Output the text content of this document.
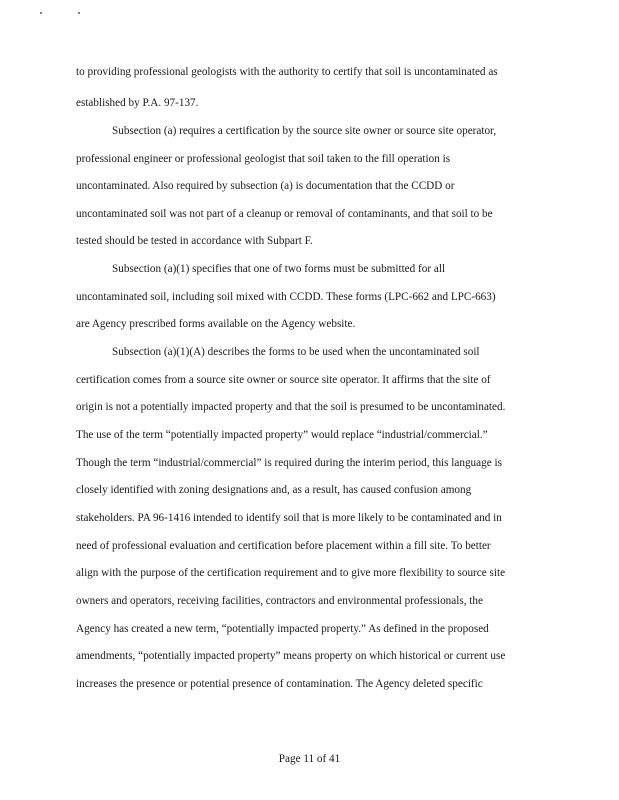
to providing professional geologists with the authority to certify that soil is uncontaminated as
established by P.A. 97-137.
Subsection (a) requires a certification by the source site owner or source site operator,
professional engineer or professional geologist that soil taken to the fill operation is
uncontaminated. Also required by subsection (a) is documentation that the CCDD or
uncontaminated soil was not part of a cleanup or removal of contaminants, and that soil to be
tested should be tested in accordance with Subpart F.
Subsection (a)(1) specifies that one of two forms must be submitted for all
uncontaminated soil, including soil mixed with CCDD. These forms (LPC-662 and LPC-663)
are Agency prescribed forms available on the Agency website.
Subsection (a)(1)(A) describes the forms to be used when the uncontaminated soil
certification comes from a source site owner or source site operator. It affirms that the site of
origin is not a potentially impacted property and that the soil is presumed to be uncontaminated.
The use of the term “potentially impacted property” would replace “industrial/commercial.”
Though the term “industrial/commercial” is required during the interim period, this language is
closely identified with zoning designations and, as a result, has caused confusion among
stakeholders. PA 96-1416 intended to identify soil that is more likely to be contaminated and in
need of professional evaluation and certification before placement within a fill site. To better
align with the purpose of the certification requirement and to give more flexibility to source site
owners and operators, receiving facilities, contractors and environmental professionals, the
Agency has created a new term, “potentially impacted property.” As defined in the proposed
amendments, “potentially impacted property” means property on which historical or current use
increases the presence or potential presence of contamination. The Agency deleted specific
Page 11 of 41
